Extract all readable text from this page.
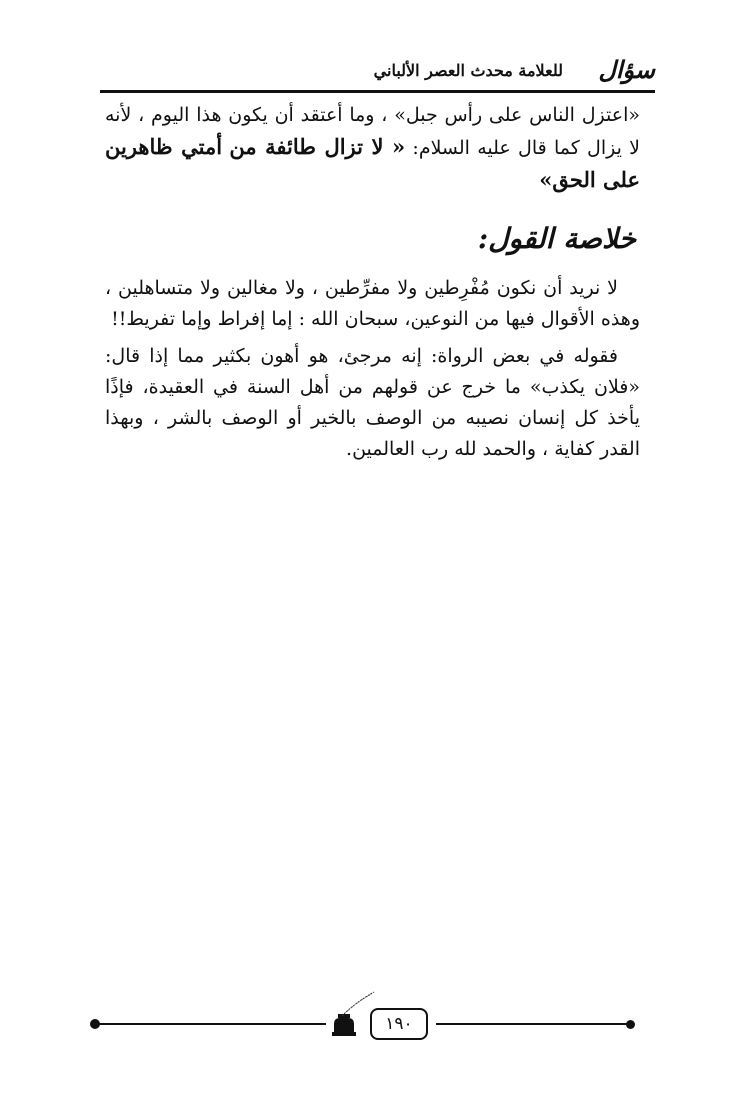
سؤال
للعلامة محدث العصر الألباني

«اعتزل الناس على رأس جبل» ، وما أعتقد أن يكون هذا اليوم ، لأنه لا يزال كما قال عليه السلام: « لا تزال طائفة من أمتي ظاهرين على الحق»

خلاصة القول:

لا نريد أن نكون مُفْرِطين ولا مفرِّطين ، ولا مغالين ولا متساهلين ، وهذه الأقوال فيها من النوعين، سبحان الله : إما إفراط وإما تفريط!!

فقوله في بعض الرواة: إنه مرجئ، هو أهون بكثير مما إذا قال: «فلان يكذب» ما خرج عن قولهم من أهل السنة في العقيدة، فإذًا يأخذ كل إنسان نصيبه من الوصف بالخير أو الوصف بالشر ، وبهذا القدر كفاية ، والحمد لله رب العالمين.

١٩٠
